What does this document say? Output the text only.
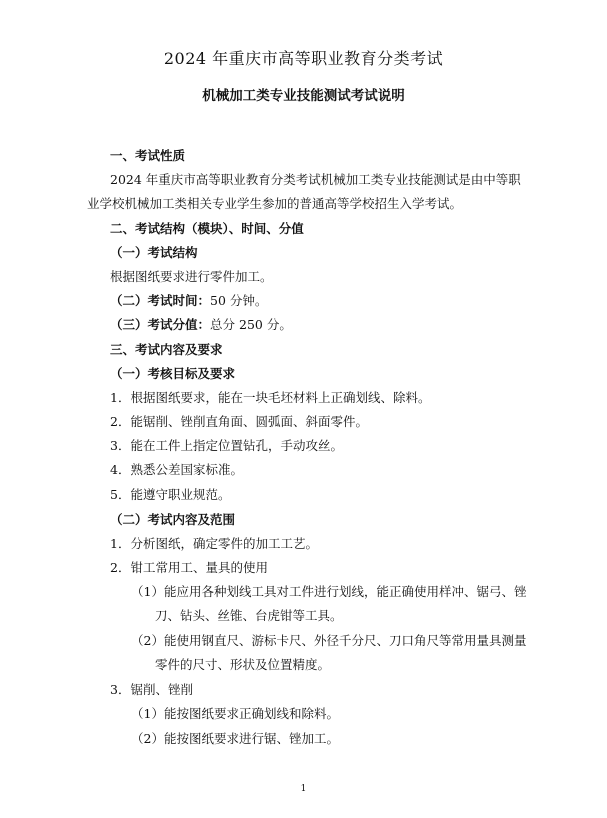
2024 年重庆市高等职业教育分类考试
机械加工类专业技能测试考试说明
一、考试性质
2024 年重庆市高等职业教育分类考试机械加工类专业技能测试是由中等职
业学校机械加工类相关专业学生参加的普通高等学校招生入学考试。
二、考试结构（模块）、时间、分值
（一）考试结构
根据图纸要求进行零件加工。
（二）考试时间：50 分钟。
（三）考试分值：总分 250 分。
三、考试内容及要求
（一）考核目标及要求
1．根据图纸要求，能在一块毛坯材料上正确划线、除料。
2．能锯削、锉削直角面、圆弧面、斜面零件。
3．能在工件上指定位置钻孔，手动攻丝。
4．熟悉公差国家标准。
5．能遵守职业规范。
（二）考试内容及范围
1．分析图纸，确定零件的加工工艺。
2．钳工常用工、量具的使用
（1）能应用各种划线工具对工件进行划线，能正确使用样冲、锯弓、锉
刀、钻头、丝锥、台虎钳等工具。
（2）能使用钢直尺、游标卡尺、外径千分尺、刀口角尺等常用量具测量
零件的尺寸、形状及位置精度。
3．锯削、锉削
（1）能按图纸要求正确划线和除料。
（2）能按图纸要求进行锯、锉加工。
1
